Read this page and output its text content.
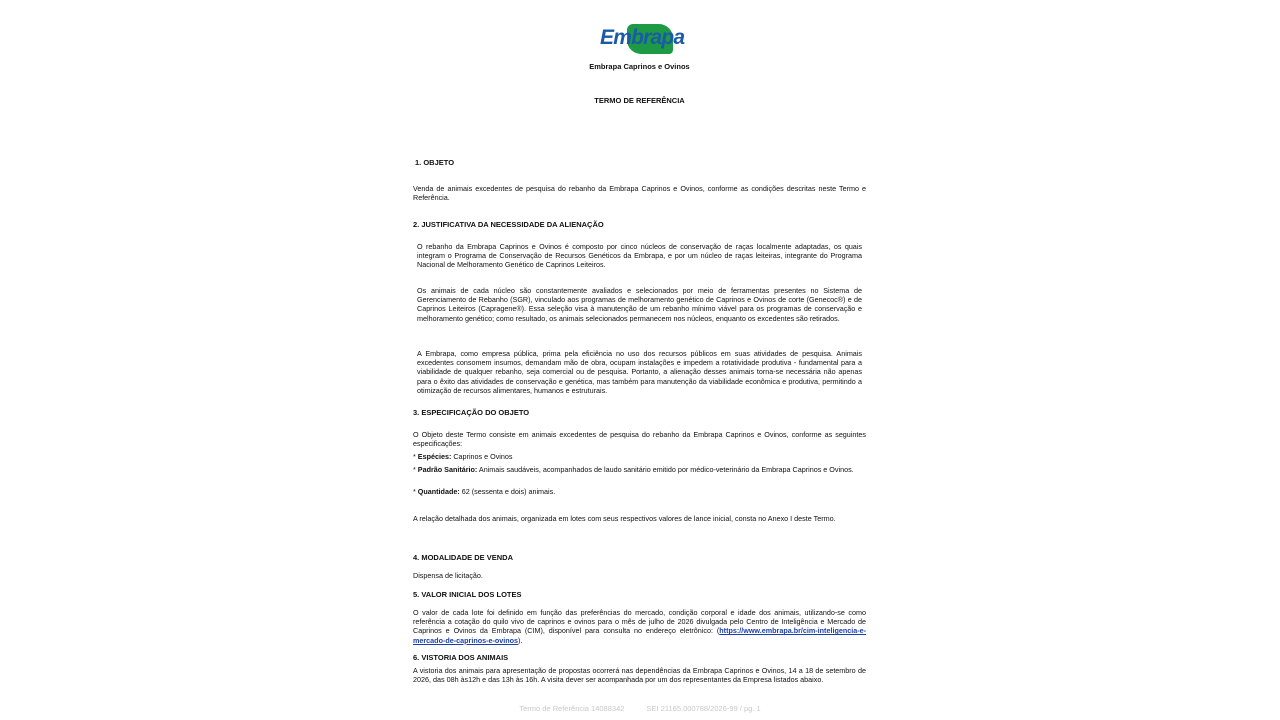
Embrapa
Embrapa Caprinos e Ovinos
TERMO DE REFERÊNCIA
1. OBJETO
Venda de animais excedentes de pesquisa do rebanho da Embrapa Caprinos e Ovinos, conforme as condições descritas neste Termo e Referência.
2. JUSTIFICATIVA DA NECESSIDADE DA ALIENAÇÃO
O rebanho da Embrapa Caprinos e Ovinos é composto por cinco núcleos de conservação de raças localmente adaptadas, os quais integram o Programa de Conservação de Recursos Genéticos da Embrapa, e por um núcleo de raças leiteiras, integrante do Programa Nacional de Melhoramento Genético de Caprinos Leiteiros.
Os animais de cada núcleo são constantemente avaliados e selecionados por meio de ferramentas presentes no Sistema de Gerenciamento de Rebanho (SGR), vinculado aos programas de melhoramento genético de Caprinos e Ovinos de corte (Genecoc®) e de Caprinos Leiteiros (Capragene®). Essa seleção visa à manutenção de um rebanho mínimo viável para os programas de conservação e melhoramento genético; como resultado, os animais selecionados permanecem nos núcleos, enquanto os excedentes são retirados.
A Embrapa, como empresa pública, prima pela eficiência no uso dos recursos públicos em suas atividades de pesquisa. Animais excedentes consomem insumos, demandam mão de obra, ocupam instalações e impedem a rotatividade produtiva - fundamental para a viabilidade de qualquer rebanho, seja comercial ou de pesquisa. Portanto, a alienação desses animais torna-se necessária não apenas para o êxito das atividades de conservação e genética, mas também para manutenção da viabilidade econômica e produtiva, permitindo a otimização de recursos alimentares, humanos e estruturais.
3. ESPECIFICAÇÃO DO OBJETO
O Objeto deste Termo consiste em animais excedentes de pesquisa do rebanho da Embrapa Caprinos e Ovinos, conforme as seguintes especificações:
* Espécies: Caprinos e Ovinos
* Padrão Sanitário: Animais saudáveis, acompanhados de laudo sanitário emitido por médico-veterinário da Embrapa Caprinos e Ovinos.
* Quantidade: 62 (sessenta e dois) animais.
A relação detalhada dos animais, organizada em lotes com seus respectivos valores de lance inicial, consta no Anexo I deste Termo.
4. MODALIDADE DE VENDA
Dispensa de licitação.
5. VALOR INICIAL DOS LOTES
O valor de cada lote foi definido em função das preferências do mercado, condição corporal e idade dos animais, utilizando-se como referência a cotação do quilo vivo de caprinos e ovinos para o mês de julho de 2026 divulgada pelo Centro de Inteligência e Mercado de Caprinos e Ovinos da Embrapa (CIM), disponível para consulta no endereço eletrônico: (https://www.embrapa.br/cim-inteligencia-e-mercado-de-caprinos-e-ovinos).
6. VISTORIA DOS ANIMAIS
A vistoria dos animais para apresentação de propostas ocorrerá nas dependências da Embrapa Caprinos e Ovinos, 14 a 18 de setembro de 2026, das 08h às12h e das 13h às 16h. A visita dever ser acompanhada por um dos representantes da Empresa listados abaixo.
Termo de Referência 14088342	SEI 21165.000788/2026-99 / pg. 1
